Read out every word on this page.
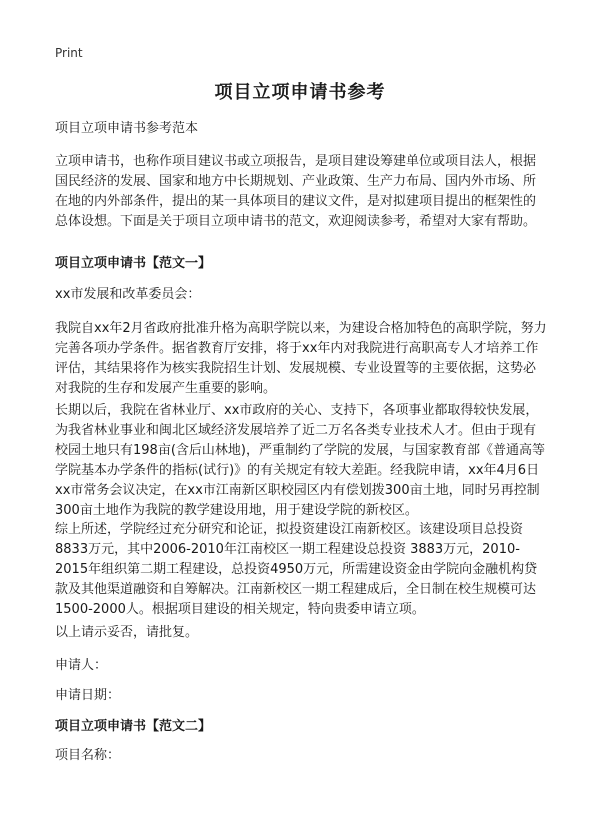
Print
项目立项申请书参考

项目立项申请书参考范本

立项申请书，也称作项目建议书或立项报告，是项目建设筹建单位或项目法人，根据国民经济的发展、国家和地方中长期规划、产业政策、生产力布局、国内外市场、所在地的内外部条件，提出的某一具体项目的建议文件，是对拟建项目提出的框架性的总体设想。下面是关于项目立项申请书的范文，欢迎阅读参考，希望对大家有帮助。

项目立项申请书【范文一】

xx市发展和改革委员会：

我院自xx年2月省政府批准升格为高职学院以来，为建设合格加特色的高职学院，努力完善各项办学条件。据省教育厅安排，将于xx年内对我院进行高职高专人才培养工作评估，其结果将作为核实我院招生计划、发展规模、专业设置等的主要依据，这势必对我院的生存和发展产生重要的影响。

长期以后，我院在省林业厅、xx市政府的关心、支持下，各项事业都取得较快发展，为我省林业事业和闽北区域经济发展培养了近二万名各类专业技术人才。但由于现有校园土地只有198亩(含后山林地)，严重制约了学院的发展，与国家教育部《普通高等学院基本办学条件的指标(试行)》的有关规定有较大差距。经我院申请，xx年4月6日xx市常务会议决定，在xx市江南新区职校园区内有偿划拨300亩土地，同时另再控制300亩土地作为我院的教学建设用地，用于建设学院的新校区。

综上所述，学院经过充分研究和论证，拟投资建设江南新校区。该建设项目总投资8833万元，其中2006-2010年江南校区一期工程建设总投资 3883万元，2010-2015年组织第二期工程建设，总投资4950万元，所需建设资金由学院向金融机构贷款及其他渠道融资和自筹解决。江南新校区一期工程建成后，全日制在校生规模可达1500-2000人。根据项目建设的相关规定，特向贵委申请立项。

以上请示妥否，请批复。

申请人：

申请日期：

项目立项申请书【范文二】

项目名称：
